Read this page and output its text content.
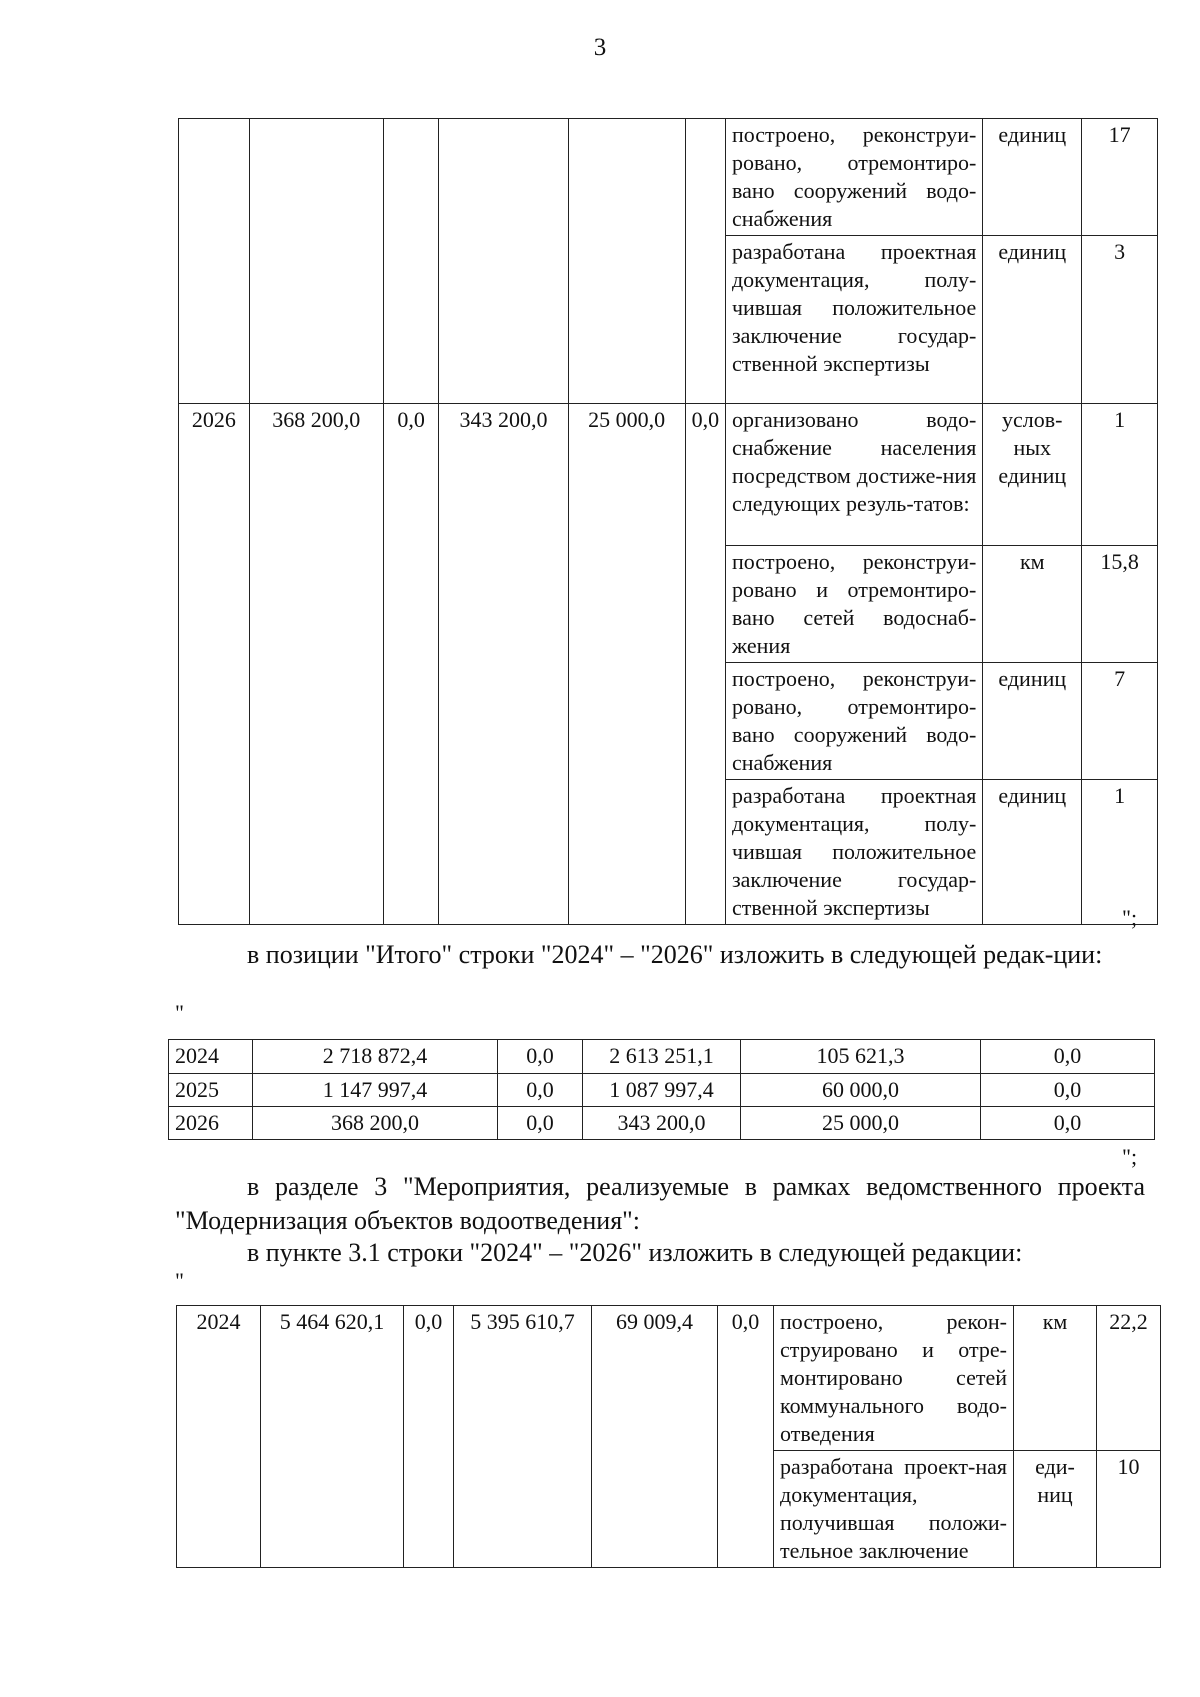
3
						построено, реконструи-ровано, отремонтиро-вано сооружений водо-снабжения	единиц	17
						разработана проектная документация, полу-чившая положительное заключение государ-ственной экспертизы	единиц	3
2026	368 200,0	0,0	343 200,0	25 000,0	0,0	организовано водо-снабжение населения посредством достиже-ния следующих резуль-татов:	услов-ных единиц	1
						построено, реконструи-ровано и отремонтиро-вано сетей водоснаб-жения	км	15,8
						построено, реконструи-ровано, отремонтиро-вано сооружений водо-снабжения	единиц	7
						разработана проектная документация, полу-чившая положительное заключение государ-ственной экспертизы	единиц	1
";
в позиции "Итого" строки "2024" – "2026" изложить в следующей редак-ции:
"
2024	2 718 872,4	0,0	2 613 251,1	105 621,3	0,0
2025	1 147 997,4	0,0	1 087 997,4	60 000,0	0,0
2026	368 200,0	0,0	343 200,0	25 000,0	0,0
";
в разделе 3 "Мероприятия, реализуемые в рамках ведомственного проекта "Модернизация объектов водоотведения":
в пункте 3.1 строки "2024" – "2026" изложить в следующей редакции:
"
2024	5 464 620,1	0,0	5 395 610,7	69 009,4	0,0	построено, рекон-струировано и отре-монтировано сетей коммунального водо-отведения	км	22,2
						разработана проект-ная документация, получившая положи-тельное заключение	еди-ниц	10
